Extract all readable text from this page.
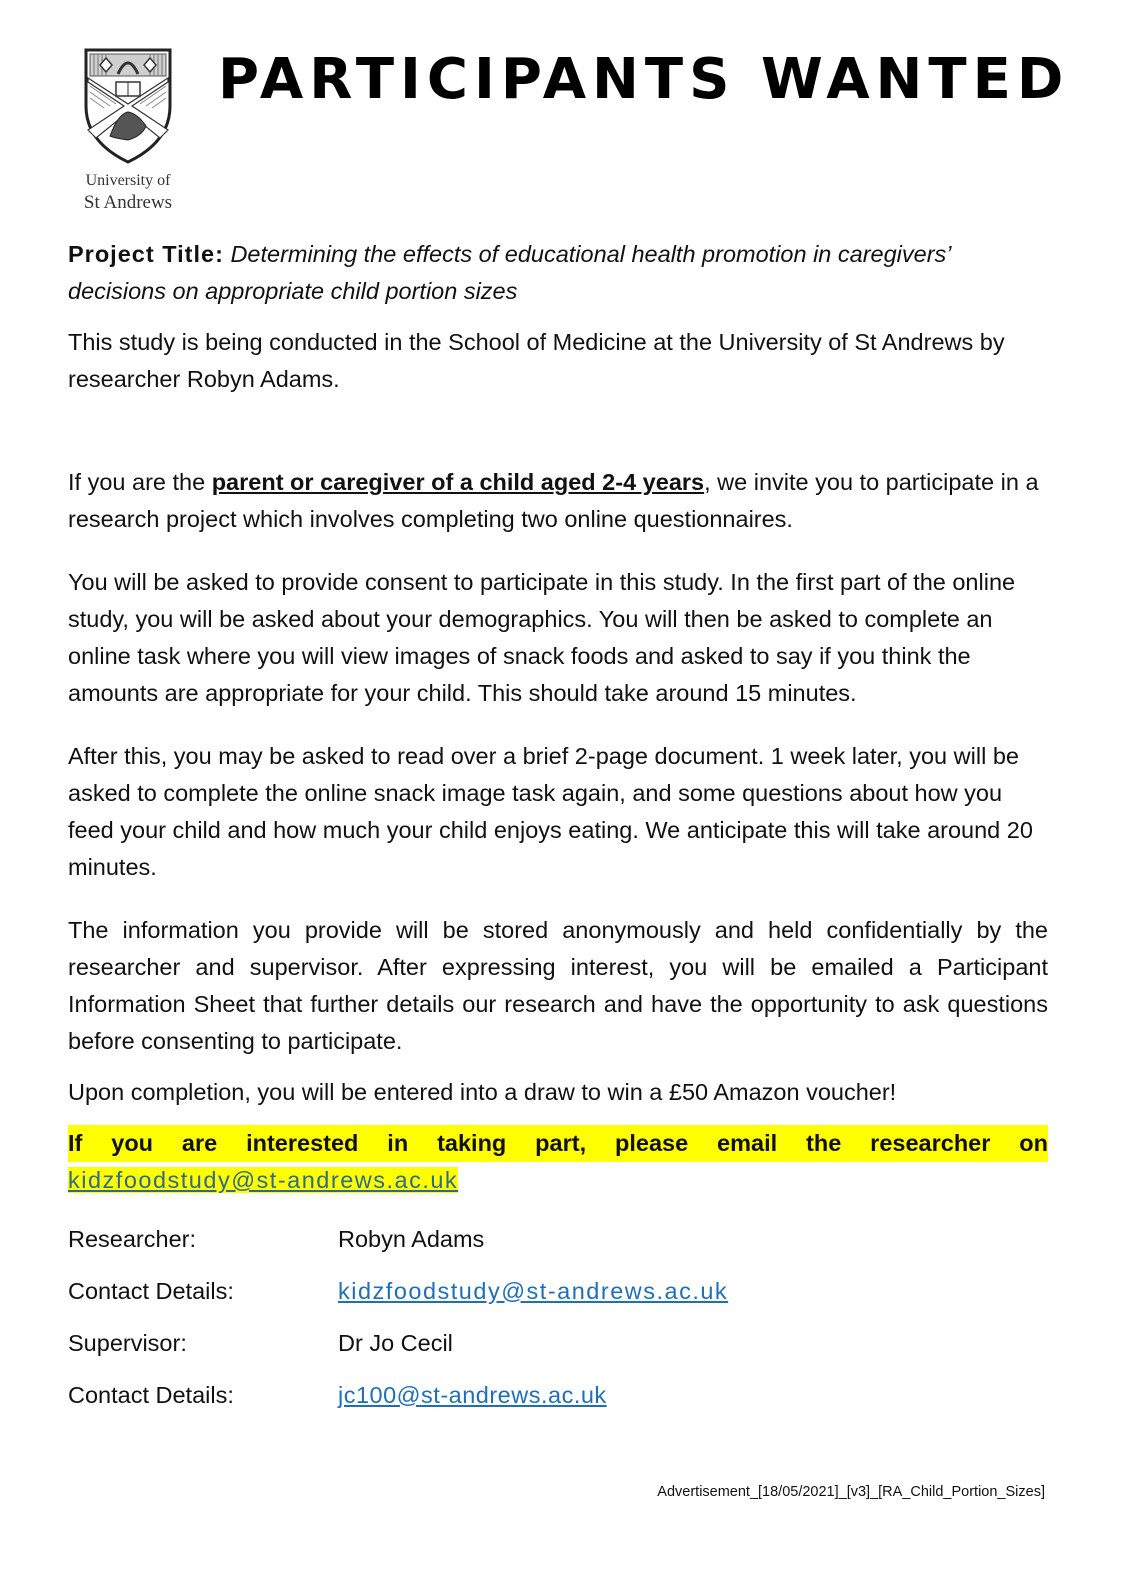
University of
St Andrews
PARTICIPANTS WANTED

Project Title: Determining the effects of educational health promotion in caregivers’ decisions on appropriate child portion sizes

This study is being conducted in the School of Medicine at the University of St Andrews by researcher Robyn Adams.

If you are the parent or caregiver of a child aged 2-4 years, we invite you to participate in a research project which involves completing two online questionnaires.

You will be asked to provide consent to participate in this study. In the first part of the online study, you will be asked about your demographics. You will then be asked to complete an online task where you will view images of snack foods and asked to say if you think the amounts are appropriate for your child. This should take around 15 minutes.

After this, you may be asked to read over a brief 2-page document. 1 week later, you will be asked to complete the online snack image task again, and some questions about how you feed your child and how much your child enjoys eating. We anticipate this will take around 20 minutes.

The information you provide will be stored anonymously and held confidentially by the researcher and supervisor. After expressing interest, you will be emailed a Participant Information Sheet that further details our research and have the opportunity to ask questions before consenting to participate.

Upon completion, you will be entered into a draw to win a £50 Amazon voucher!

If you are interested in taking part, please email the researcher on
kidzfoodstudy@st-andrews.ac.uk
Researcher:	Robyn Adams
Contact Details:	kidzfoodstudy@st-andrews.ac.uk
Supervisor:	Dr Jo Cecil
Contact Details:	jc100@st-andrews.ac.uk
Advertisement_[18/05/2021]_[v3]_[RA_Child_Portion_Sizes]
